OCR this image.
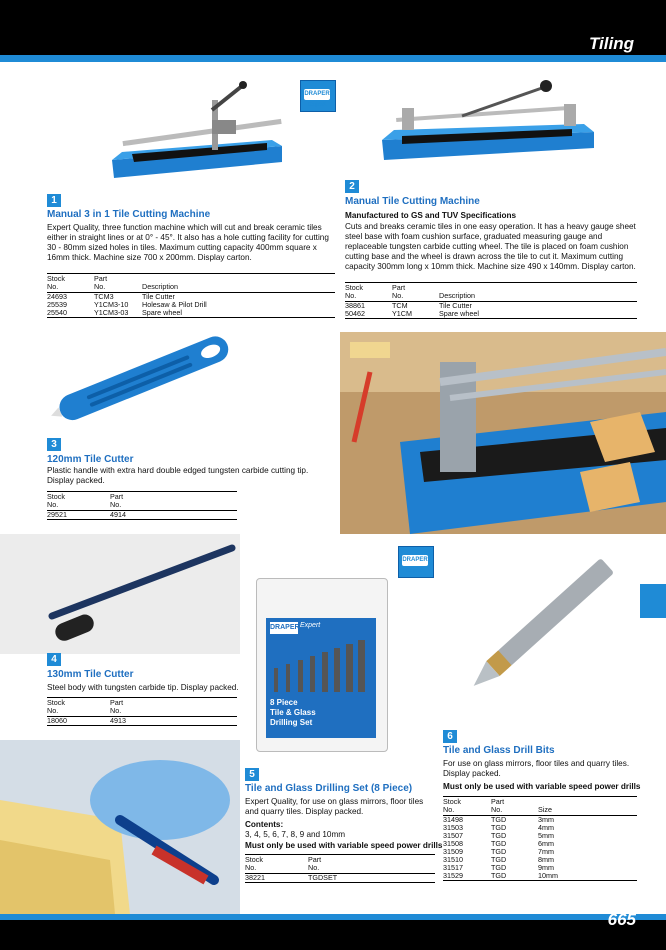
Tiling
665
DRAPER Expert
1
Manual 3 in 1 Tile Cutting Machine
Expert Quality, three function machine which will cut and break ceramic tiles either in straight lines or at 0° - 45°. It also has a hole cutting facility for cutting 30 - 80mm sized holes in tiles. Maximum cutting capacity 400mm square x 16mm thick. Machine size 700 x 200mm. Display carton.
Stock
No.	Part
No.	Description
24693	TCM3	Tile Cutter
25539	Y1CM3-10	Holesaw & Pilot Drill
25540	Y1CM3-03	Spare wheel
2
Manual Tile Cutting Machine
Manufactured to GS and TUV Specifications
Cuts and breaks ceramic tiles in one easy operation. It has a heavy gauge sheet steel base with foam cushion surface, graduated measuring gauge and replaceable tungsten carbide cutting wheel. The tile is placed on foam cushion cutting base and the wheel is drawn across the tile to cut it. Maximum cutting capacity 300mm long x 10mm thick. Machine size 490 x 140mm. Display carton.
Stock
No.	Part
No.	Description
38861	TCM	Tile Cutter
50462	Y1CM	Spare wheel
3
120mm Tile Cutter
Plastic handle with extra hard double edged tungsten carbide cutting tip. Display packed.
Stock
No.	Part
No.
29521	4914
4
130mm Tile Cutter
Steel body with tungsten carbide tip. Display packed.
Stock
No.	Part
No.
18060	4913
DRAPER Expert
8 Piece
Tile & Glass
Drilling Set
DRAPER Expert
5
Tile and Glass Drilling Set (8 Piece)
Expert Quality, for use on glass mirrors, floor tiles and quarry tiles. Display packed.
Contents:
3, 4, 5, 6, 7, 8, 9 and 10mm
Must only be used with variable speed power drills
Stock
No.	Part
No.
38221	TGDSET
6
Tile and Glass Drill Bits
For use on glass mirrors, floor tiles and quarry tiles. Display packed.
Must only be used with variable speed power drills
Stock
No.	Part
No.	Size
31498	TGD	3mm
31503	TGD	4mm
31507	TGD	5mm
31508	TGD	6mm
31509	TGD	7mm
31510	TGD	8mm
31517	TGD	9mm
31529	TGD	10mm
